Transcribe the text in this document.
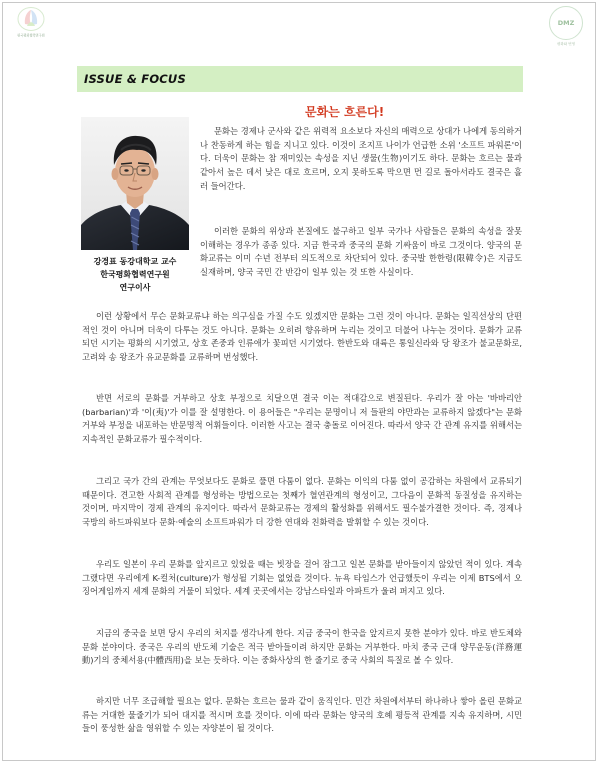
한국평화협력연구원
DMZ
평화와 번영
ISSUE & FOCUS
문화는 흐른다!
강경표 동강대학교 교수
한국평화협력연구원
연구이사

문화는 경제나 군사와 같은 위력적 요소보다 자신의 매력으로 상대가 나에게 동의하거나 찬동하게 하는 힘을 지니고 있다. 이것이 조지프 나이가 언급한 소위 '소프트 파워론'이다. 더욱이 문화는 참 재미있는 속성을 지닌 생물(生物)이기도 하다. 문화는 흐르는 물과 같아서 높은 데서 낮은 대로 흐르며, 오지 못하도록 막으면 먼 길로 돌아서라도 결국은 흘러 들어간다.

이러한 문화의 위상과 본질에도 불구하고 일부 국가나 사람들은 문화의 속성을 잘못 이해하는 경우가 종종 있다. 지금 한국과 중국의 문화 기싸움이 바로 그것이다. 양국의 문화교류는 이미 수년 전부터 의도적으로 차단되어 있다. 중국발 한한령(限韓令)은 지금도 실재하며, 양국 국민 간 반감이 일부 있는 것 또한 사실이다.

이런 상황에서 무슨 문화교류냐 하는 의구심을 가질 수도 있겠지만 문화는 그런 것이 아니다. 문화는 일직선상의 단편적인 것이 아니며 더욱이 다투는 것도 아니다. 문화는 오히려 향유하며 누리는 것이고 더불어 나누는 것이다. 문화가 교류되던 시기는 평화의 시기였고, 상호 존중과 인류애가 꽃피던 시기였다. 한반도와 대륙은 통일신라와 당 왕조가 불교문화로, 고려와 송 왕조가 유교문화를 교류하며 번성했다.

반면 서로의 문화를 거부하고 상호 부정으로 치달으면 결국 이는 적대감으로 변질된다. 우리가 잘 아는 '바바리안(barbarian)'과 '이(夷)'가 이를 잘 설명한다. 이 용어들은 "우리는 문명이니 저 들판의 야만과는 교류하지 않겠다"는 문화 거부와 부정을 내포하는 반문명적 어휘들이다. 이러한 사고는 결국 충돌로 이어진다. 따라서 양국 간 관계 유지를 위해서는 지속적인 문화교류가 필수적이다.

그리고 국가 간의 관계는 무엇보다도 문화로 풀면 다툼이 없다. 문화는 이익의 다툼 없이 공감하는 차원에서 교류되기 때문이다. 견고한 사회적 관계를 형성하는 방법으로는 첫째가 혈연관계의 형성이고, 그다음이 문화적 동질성을 유지하는 것이며, 마지막이 경제 관계의 유지이다. 따라서 문화교류는 경제의 활성화를 위해서도 필수불가결한 것이다. 즉, 경제나 국방의 하드파워보다 문화·예술의 소프트파워가 더 강한 연대와 친화력을 발휘할 수 있는 것이다.

우리도 일본이 우리 문화를 앞지르고 있었을 때는 빗장을 걸어 잠그고 일본 문화를 받아들이지 않았던 적이 있다. 계속 그랬다면 우리에게 K-컬처(culture)가 형성될 기회는 없었을 것이다. 뉴욕 타임스가 언급했듯이 우리는 이제 BTS에서 오징어게임까지 세계 문화의 거물이 되었다. 세계 곳곳에서는 강남스타일과 아파트가 울려 퍼지고 있다.

지금의 중국을 보면 당시 우리의 처지를 생각나게 한다. 지금 중국이 한국을 앞지르지 못한 분야가 있다. 바로 반도체와 문화 분야이다. 중국은 우리의 반도체 기술은 적극 받아들이려 하지만 문화는 거부한다. 마치 중국 근대 양무운동(洋務運動)기의 중체서용(中體西用)을 보는 듯하다. 이는 중화사상의 한 줄기로 중국 사회의 특질로 볼 수 있다.

하지만 너무 조급해할 필요는 없다. 문화는 흐르는 물과 같이 움직인다. 민간 차원에서부터 하나하나 쌓아 올린 문화교류는 거대한 물줄기가 되어 대지를 적시며 흐를 것이다. 이에 따라 문화는 양국의 호혜 평등적 관계를 지속 유지하며, 시민들이 풍성한 삶을 영위할 수 있는 자양분이 될 것이다.
